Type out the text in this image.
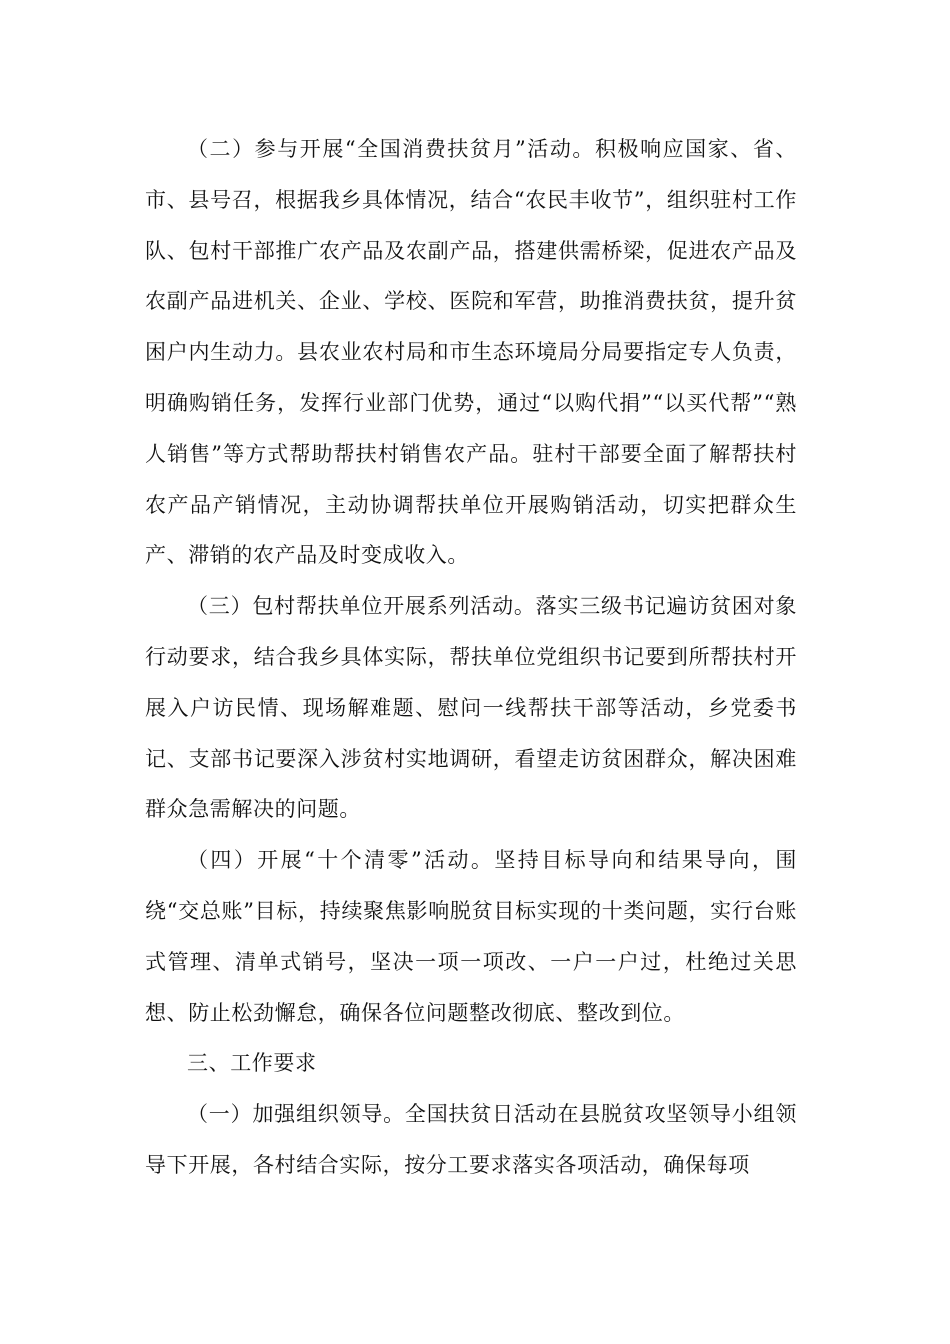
（二）参与开展“全国消费扶贫月”活动。积极响应国家、省、市、县号召，根据我乡具体情况，结合“农民丰收节”，组织驻村工作队、包村干部推广农产品及农副产品，搭建供需桥梁，促进农产品及农副产品进机关、企业、学校、医院和军营，助推消费扶贫，提升贫困户内生动力。县农业农村局和市生态环境局分局要指定专人负责，明确购销任务，发挥行业部门优势，通过“以购代捐”“以买代帮”“熟人销售”等方式帮助帮扶村销售农产品。驻村干部要全面了解帮扶村农产品产销情况，主动协调帮扶单位开展购销活动，切实把群众生产、滞销的农产品及时变成收入。

（三）包村帮扶单位开展系列活动。落实三级书记遍访贫困对象行动要求，结合我乡具体实际，帮扶单位党组织书记要到所帮扶村开展入户访民情、现场解难题、慰问一线帮扶干部等活动，乡党委书记、支部书记要深入涉贫村实地调研，看望走访贫困群众，解决困难群众急需解决的问题。

（四）开展“十个清零”活动。坚持目标导向和结果导向，围绕“交总账”目标，持续聚焦影响脱贫目标实现的十类问题，实行台账式管理、清单式销号，坚决一项一项改、一户一户过，杜绝过关思想、防止松劲懈怠，确保各位问题整改彻底、整改到位。

三、工作要求

（一）加强组织领导。全国扶贫日活动在县脱贫攻坚领导小组领导下开展，各村结合实际，按分工要求落实各项活动，确保每项
